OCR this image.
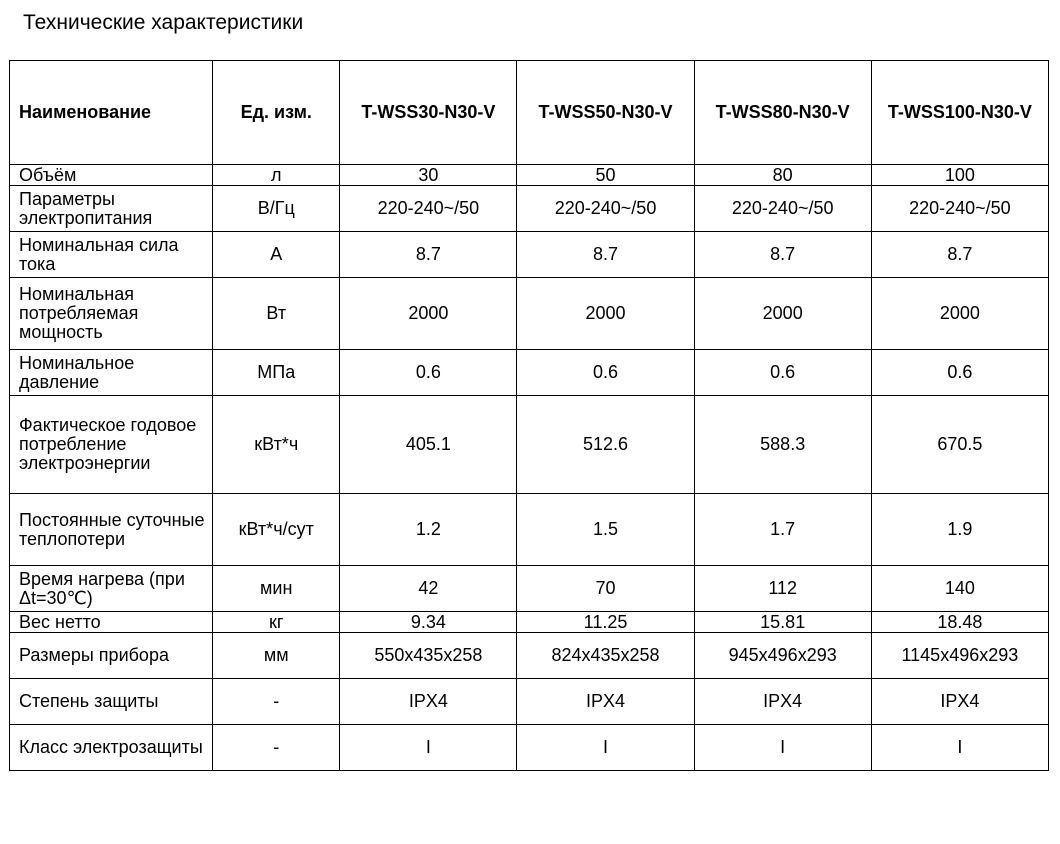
Технические характеристики
Наименование	Ед. изм.	T-WSS30-N30-V	T-WSS50-N30-V	T-WSS80-N30-V	T-WSS100-N30-V
Объём	л	30	50	80	100
Параметры электропитания	В/Гц	220-240~/50	220-240~/50	220-240~/50	220-240~/50
Номинальная сила тока	А	8.7	8.7	8.7	8.7
Номинальная потребляемая мощность	Вт	2000	2000	2000	2000
Номинальное давление	МПа	0.6	0.6	0.6	0.6
Фактическое годовое потребление электроэнергии	кВт*ч	405.1	512.6	588.3	670.5
Постоянные суточные теплопотери	кВт*ч/сут	1.2	1.5	1.7	1.9
Время нагрева (при Δt=30℃)	мин	42	70	112	140
Вес нетто	кг	9.34	11.25	15.81	18.48
Размеры прибора	мм	550x435x258	824x435x258	945x496x293	1145x496x293
Степень защиты	-	IPX4	IPX4	IPX4	IPX4
Класс электрозащиты	-	I	I	I	I
